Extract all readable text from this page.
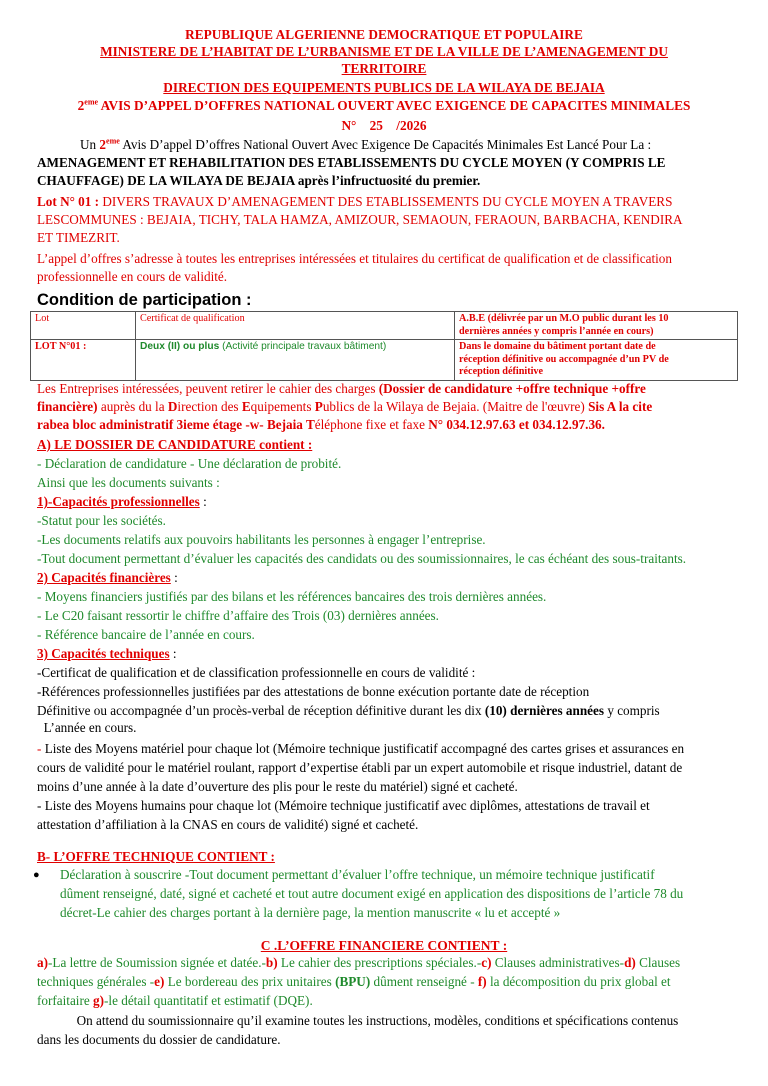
REPUBLIQUE ALGERIENNE DEMOCRATIQUE ET POPULAIRE
MINISTERE DE L’HABITAT DE L’URBANISME ET DE LA VILLE DE L’AMENAGEMENT DU
TERRITOIRE
DIRECTION DES EQUIPEMENTS PUBLICS DE LA WILAYA DE BEJAIA
2eme AVIS D’APPEL D’OFFRES NATIONAL OUVERT AVEC EXIGENCE DE CAPACITES MINIMALES
N°    25    /2026
Un 2eme Avis D’appel D’offres National Ouvert Avec Exigence De Capacités Minimales Est Lancé Pour La :
AMENAGEMENT ET REHABILITATION DES ETABLISSEMENTS DU CYCLE MOYEN (Y COMPRIS LE
CHAUFFAGE) DE LA WILAYA DE BEJAIA après l’infructuosité du premier.
Lot N° 01 : DIVERS TRAVAUX D’AMENAGEMENT DES ETABLISSEMENTS DU CYCLE MOYEN A TRAVERS
LESCOMMUNES : BEJAIA, TICHY, TALA HAMZA, AMIZOUR, SEMAOUN, FERAOUN, BARBACHA, KENDIRA
ET TIMEZRIT.
L’appel d’offres s’adresse à toutes les entreprises intéressées et titulaires du certificat de qualification et de classification
professionnelle en cours de validité.
Condition de participation :
Lot	Certificat de qualification	A.B.E (délivrée par un M.O public durant les 10
dernières années y compris l’année en cours)

LOT N°01 :	Deux (II) ou plus (Activité principale travaux bâtiment)	Dans le domaine du bâtiment portant date de
réception définitive ou accompagnée d’un PV de
réception définitive
Les Entreprises intéressées, peuvent retirer le cahier des charges (Dossier de candidature +offre technique +offre
financière) auprès du la Direction des Equipements Publics de la Wilaya de Bejaia. (Maitre de l'œuvre) Sis A la cite
rabea bloc administratif 3ieme étage -w- Bejaia Téléphone fixe et faxe N° 034.12.97.63 et 034.12.97.36.
A) LE DOSSIER DE CANDIDATURE contient :
- Déclaration de candidature - Une déclaration de probité.
Ainsi que les documents suivants :
1)-Capacités professionnelles :
-Statut pour les sociétés.
-Les documents relatifs aux pouvoirs habilitants les personnes à engager l’entreprise.
-Tout document permettant d’évaluer les capacités des candidats ou des soumissionnaires, le cas échéant des sous-traitants.
2) Capacités financières :
- Moyens financiers justifiés par des bilans et les références bancaires des trois dernières années.
- Le C20 faisant ressortir le chiffre d’affaire des Trois (03) dernières années.
- Référence bancaire de l’année en cours.
3) Capacités techniques :
-Certificat de qualification et de classification professionnelle en cours de validité :
-Références professionnelles justifiées par des attestations de bonne exécution portante date de réception
Définitive ou accompagnée d’un procès-verbal de réception définitive durant les dix (10) dernières années y compris
L’année en cours.
- Liste des Moyens matériel pour chaque lot (Mémoire technique justificatif accompagné des cartes grises et assurances en
cours de validité pour le matériel roulant, rapport d’expertise établi par un expert automobile et risque industriel, datant de
moins d’une année à la date d’ouverture des plis pour le reste du matériel) signé et cacheté.
- Liste des Moyens humains pour chaque lot (Mémoire technique justificatif avec diplômes, attestations de travail et
attestation d’affiliation à la CNAS en cours de validité) signé et cacheté.
B- L’OFFRE TECHNIQUE CONTIENT :
● Déclaration à souscrire -Tout document permettant d’évaluer l’offre technique, un mémoire technique justificatif
dûment renseigné, daté, signé et cacheté et tout autre document exigé en application des dispositions de l’article 78 du
décret-Le cahier des charges portant à la dernière page, la mention manuscrite « lu et accepté »
C .L’OFFRE FINANCIERE CONTIENT :
a)-La lettre de Soumission signée et datée.-b) Le cahier des prescriptions spéciales.-c) Clauses administratives-d) Clauses
techniques générales -e) Le bordereau des prix unitaires (BPU) dûment renseigné - f) la décomposition du prix global et
forfaitaire g)-le détail quantitatif et estimatif (DQE).
On attend du soumissionnaire qu’il examine toutes les instructions, modèles, conditions et spécifications contenus
dans les documents du dossier de candidature.
